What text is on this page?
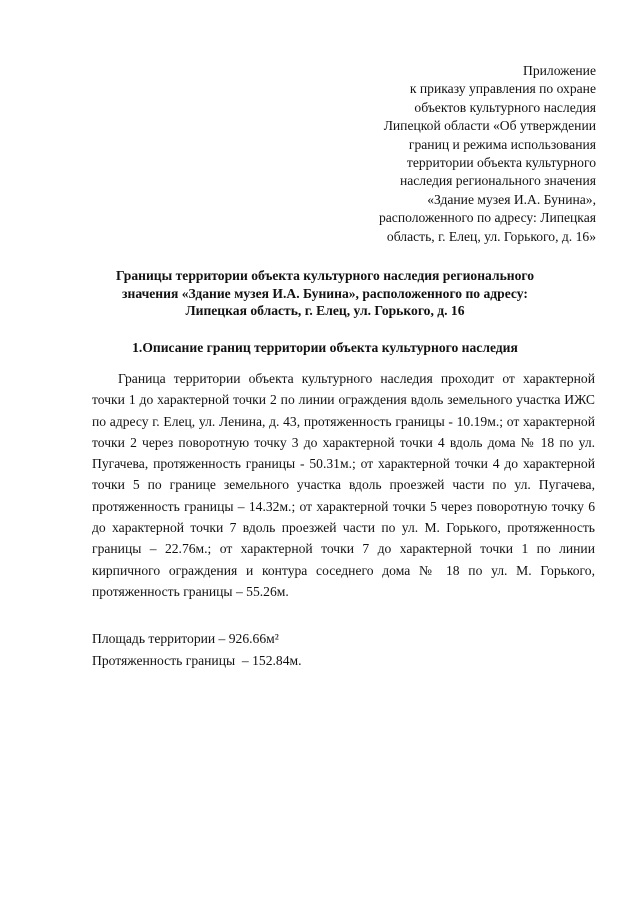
Приложение
к приказу управления по охране
объектов культурного наследия
Липецкой области «Об утверждении
границ и режима использования
территории объекта культурного
наследия регионального значения
«Здание музея И.А. Бунина»,
расположенного по адресу: Липецкая
область, г. Елец, ул. Горького, д. 16»
Границы территории объекта культурного наследия регионального
значения «Здание музея И.А. Бунина», расположенного по адресу:
Липецкая область, г. Елец, ул. Горького, д. 16
1.Описание границ территории объекта культурного наследия

Граница территории объекта культурного наследия проходит от характерной точки 1 до характерной точки 2 по линии ограждения вдоль земельного участка ИЖС по адресу г. Елец, ул. Ленина, д. 43, протяженность границы - 10.19м.; от характерной точки 2 через поворотную точку 3 до характерной точки 4 вдоль дома № 18 по ул. Пугачева, протяженность границы - 50.31м.; от характерной точки 4 до характерной точки 5 по границе земельного участка вдоль проезжей части по ул. Пугачева, протяженность границы – 14.32м.; от характерной точки 5 через поворотную точку 6 до характерной точки 7 вдоль проезжей части по ул. М. Горького, протяженность границы – 22.76м.; от характерной точки 7 до характерной точки 1 по линии кирпичного ограждения и контура соседнего дома № 18 по ул. М. Горького, протяженность границы – 55.26м.

Площадь территории – 926.66м²
Протяженность границы  – 152.84м.
